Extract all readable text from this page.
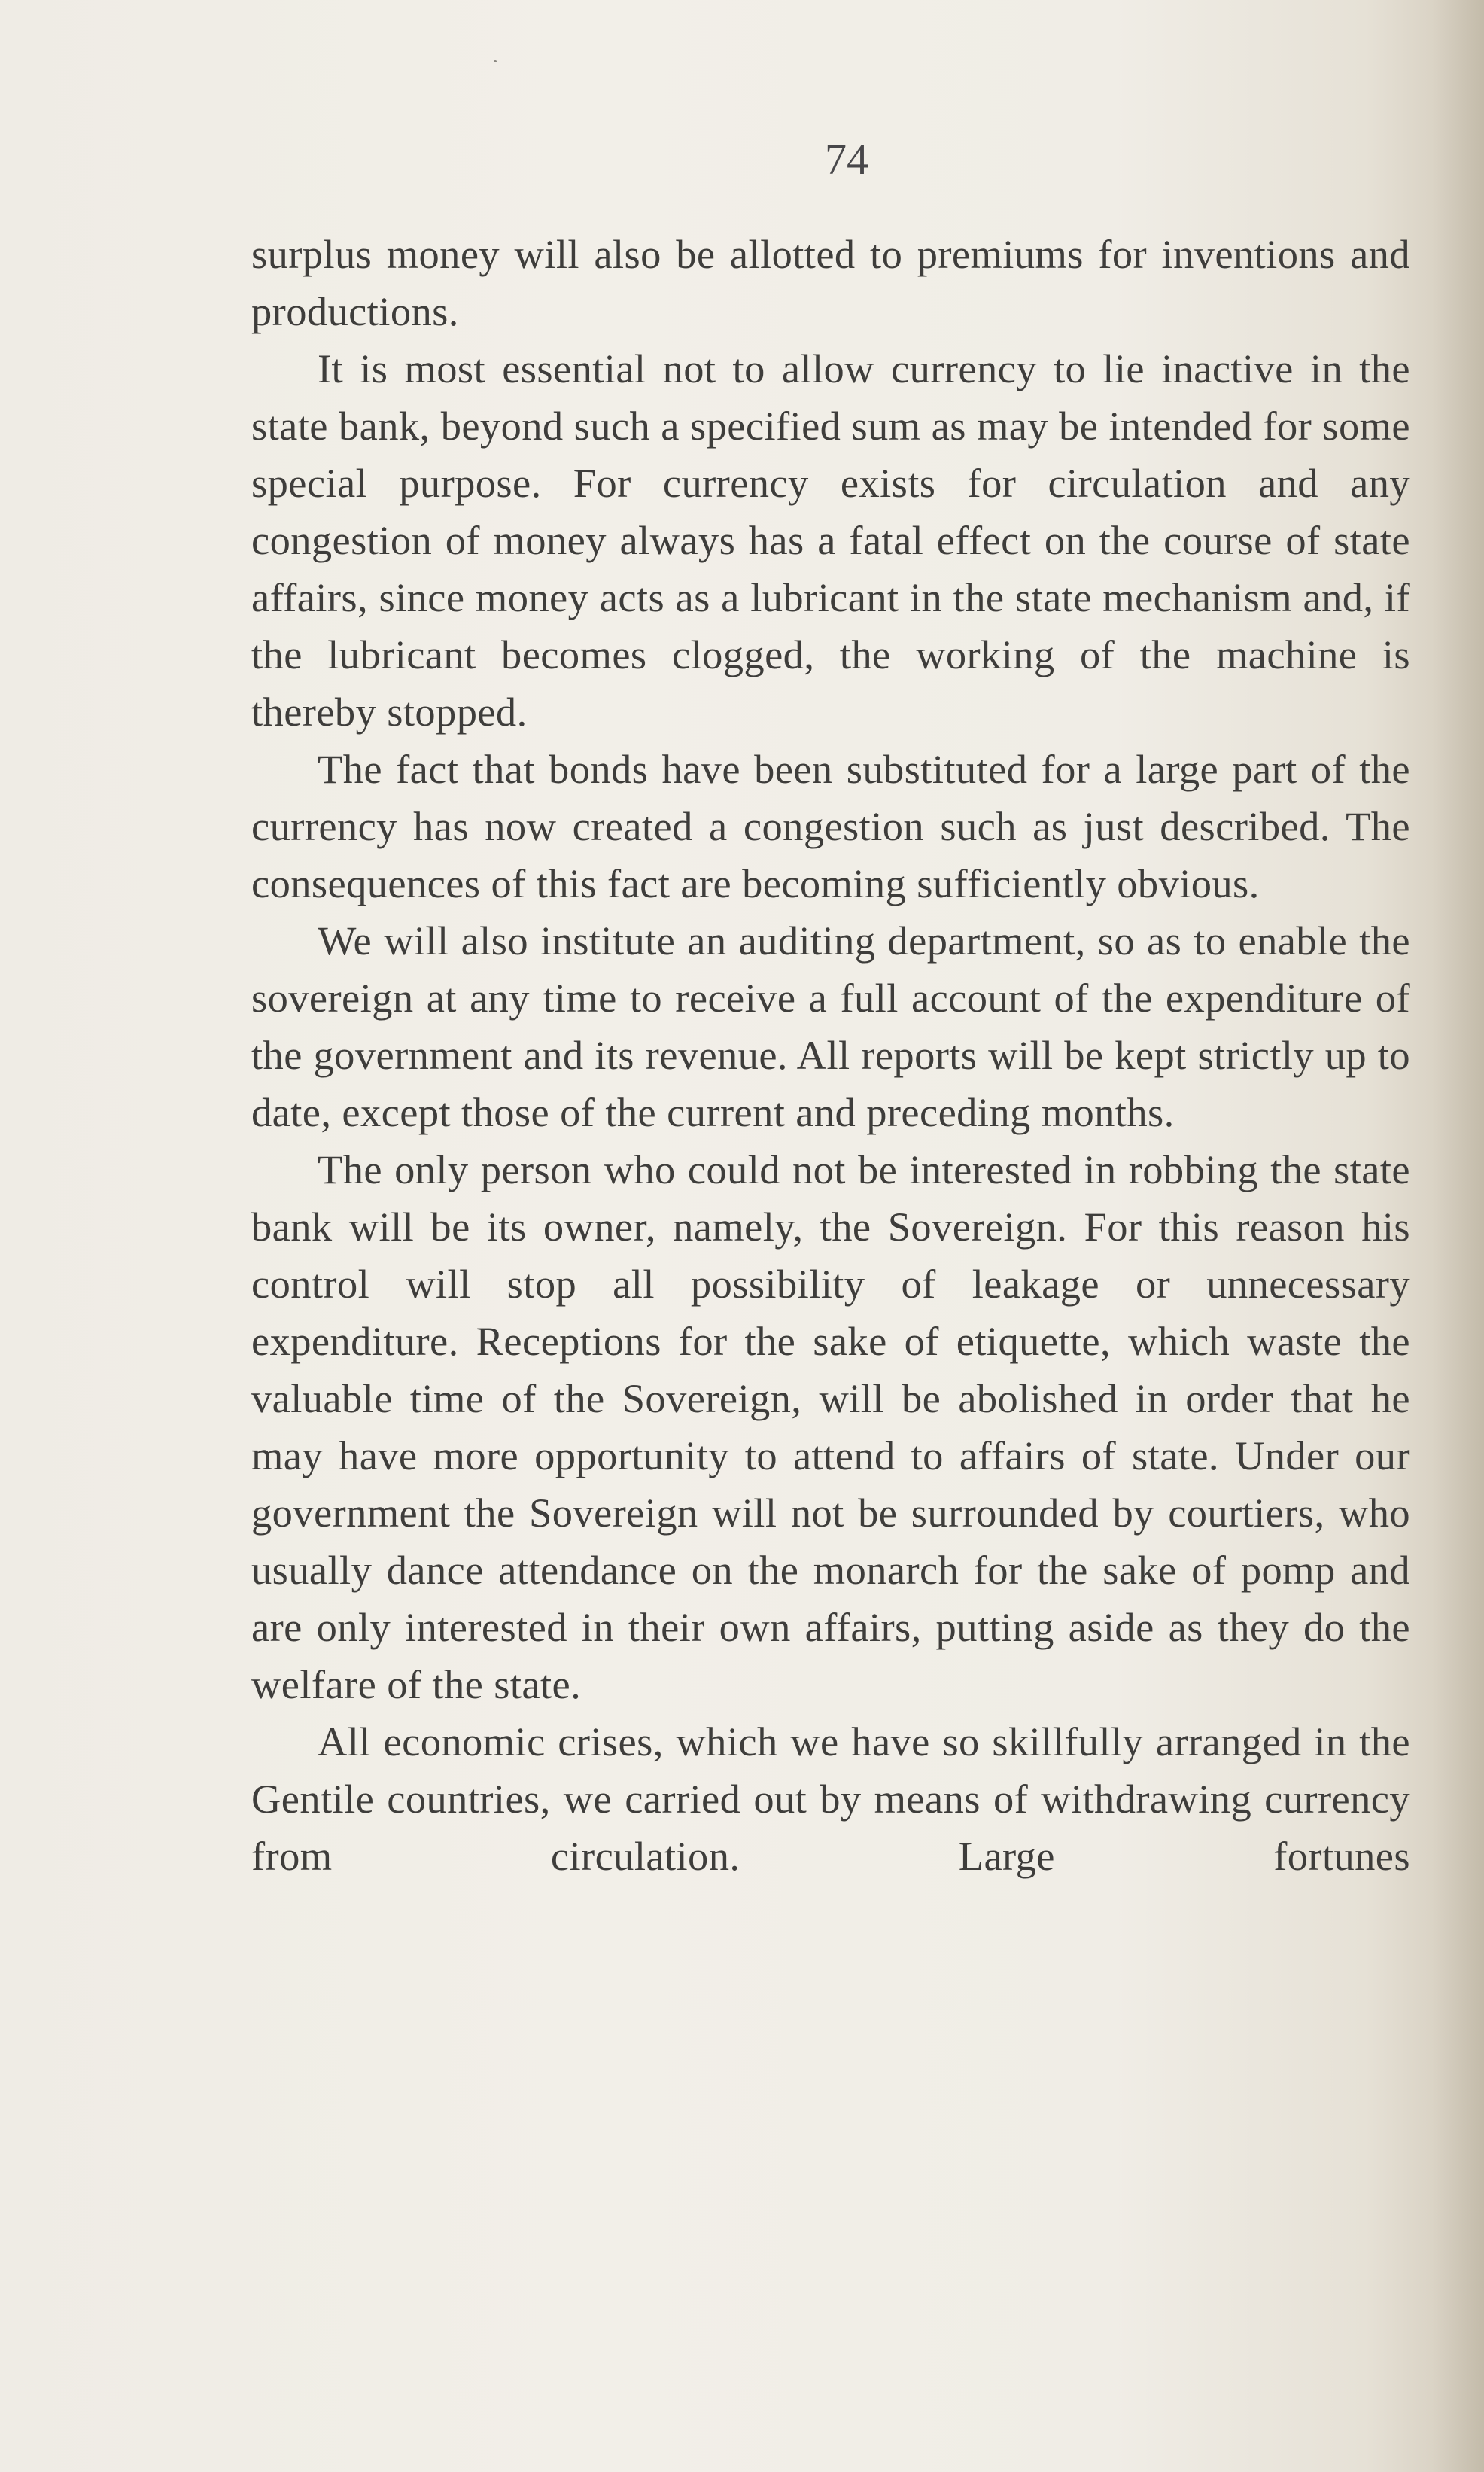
74

surplus money will also be allotted to premiums for inventions and productions.

It is most essential not to allow currency to lie inactive in the state bank, beyond such a specified sum as may be intended for some special purpose. For currency exists for circulation and any congestion of money always has a fatal effect on the course of state affairs, since money acts as a lubricant in the state mechanism and, if the lubricant becomes clogged, the working of the machine is thereby stopped.

The fact that bonds have been substituted for a large part of the currency has now created a congestion such as just described. The consequences of this fact are becoming sufficiently obvious.

We will also institute an auditing department, so as to enable the sovereign at any time to receive a full account of the expenditure of the government and its revenue. All reports will be kept strictly up to date, except those of the current and preceding months.

The only person who could not be interested in robbing the state bank will be its owner, namely, the Sovereign. For this reason his control will stop all possibility of leakage or unnecessary expenditure. Receptions for the sake of etiquette, which waste the valuable time of the Sovereign, will be abolished in order that he may have more opportunity to attend to affairs of state. Under our government the Sovereign will not be surrounded by courtiers, who usually dance attendance on the monarch for the sake of pomp and are only interested in their own affairs, putting aside as they do the welfare of the state.

All economic crises, which we have so skillfully arranged in the Gentile countries, we carried out by means of withdrawing currency from circulation. Large fortunes
